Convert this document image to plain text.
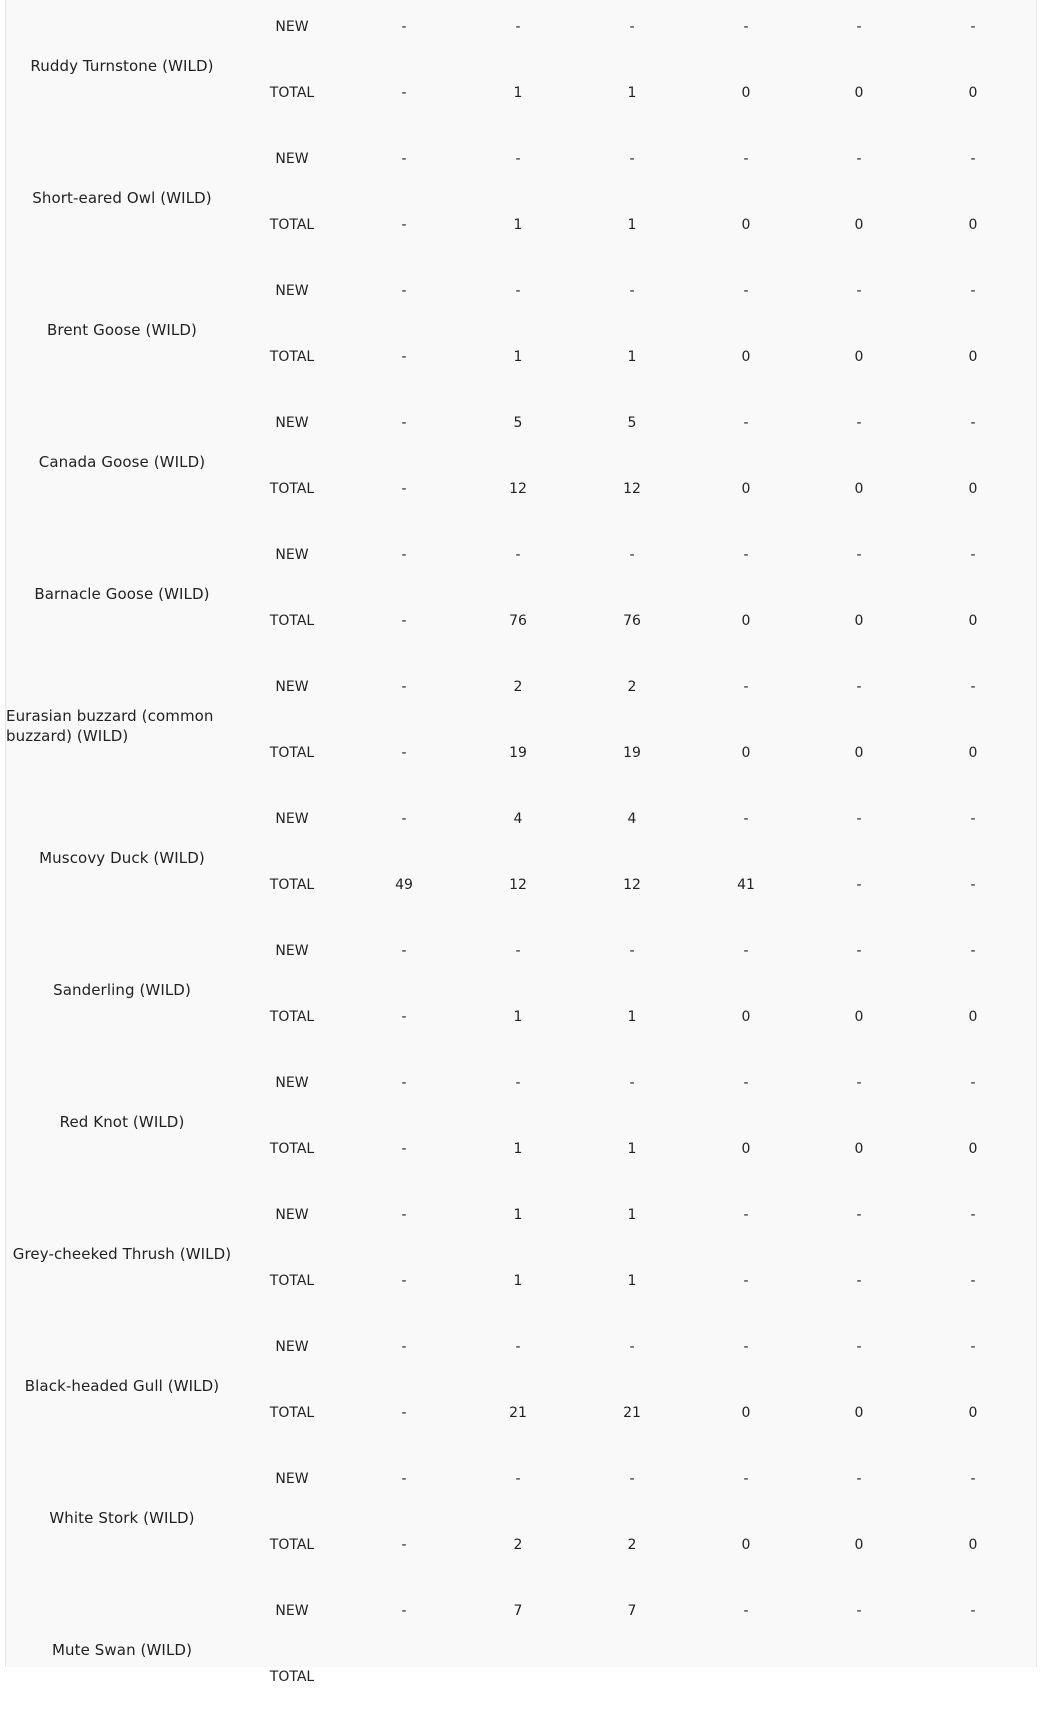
Ruddy Turnstone (WILD)
NEW	-	-	-	-	-	-
TOTAL	-	1	1	0	0	0
Short-eared Owl (WILD)
NEW	-	-	-	-	-	-
TOTAL	-	1	1	0	0	0
Brent Goose (WILD)
NEW	-	-	-	-	-	-
TOTAL	-	1	1	0	0	0
Canada Goose (WILD)
NEW	-	5	5	-	-	-
TOTAL	-	12	12	0	0	0
Barnacle Goose (WILD)
NEW	-	-	-	-	-	-
TOTAL	-	76	76	0	0	0
Eurasian buzzard (common buzzard) (WILD)
NEW	-	2	2	-	-	-
TOTAL	-	19	19	0	0	0
Muscovy Duck (WILD)
NEW	-	4	4	-	-	-
TOTAL	49	12	12	41	-	-
Sanderling (WILD)
NEW	-	-	-	-	-	-
TOTAL	-	1	1	0	0	0
Red Knot (WILD)
NEW	-	-	-	-	-	-
TOTAL	-	1	1	0	0	0
Grey-cheeked Thrush (WILD)
NEW	-	1	1	-	-	-
TOTAL	-	1	1	-	-	-
Black-headed Gull (WILD)
NEW	-	-	-	-	-	-
TOTAL	-	21	21	0	0	0
White Stork (WILD)
NEW	-	-	-	-	-	-
TOTAL	-	2	2	0	0	0
Mute Swan (WILD)
NEW	-	7	7	-	-	-
TOTAL
